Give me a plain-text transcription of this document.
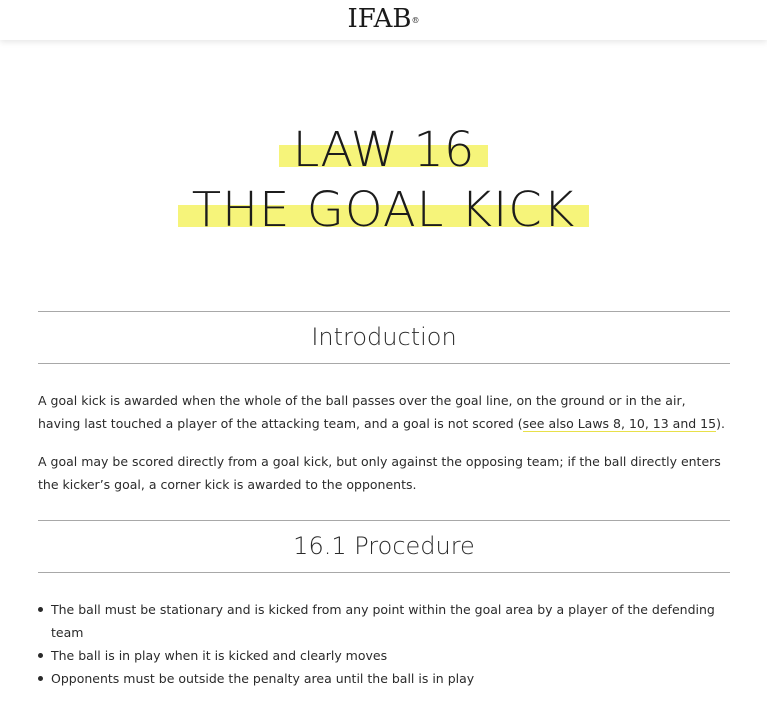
IFAB®
LAW 16
THE GOAL KICK
Introduction

A goal kick is awarded when the whole of the ball passes over the goal line, on the ground or in the air, having last touched a player of the attacking team, and a goal is not scored (see also Laws 8, 10, 13 and 15).

A goal may be scored directly from a goal kick, but only against the opposing team; if the ball directly enters the kicker’s goal, a corner kick is awarded to the opponents.

16.1 Procedure
The ball must be stationary and is kicked from any point within the goal area by a player of the defending team
The ball is in play when it is kicked and clearly moves
Opponents must be outside the penalty area until the ball is in play
